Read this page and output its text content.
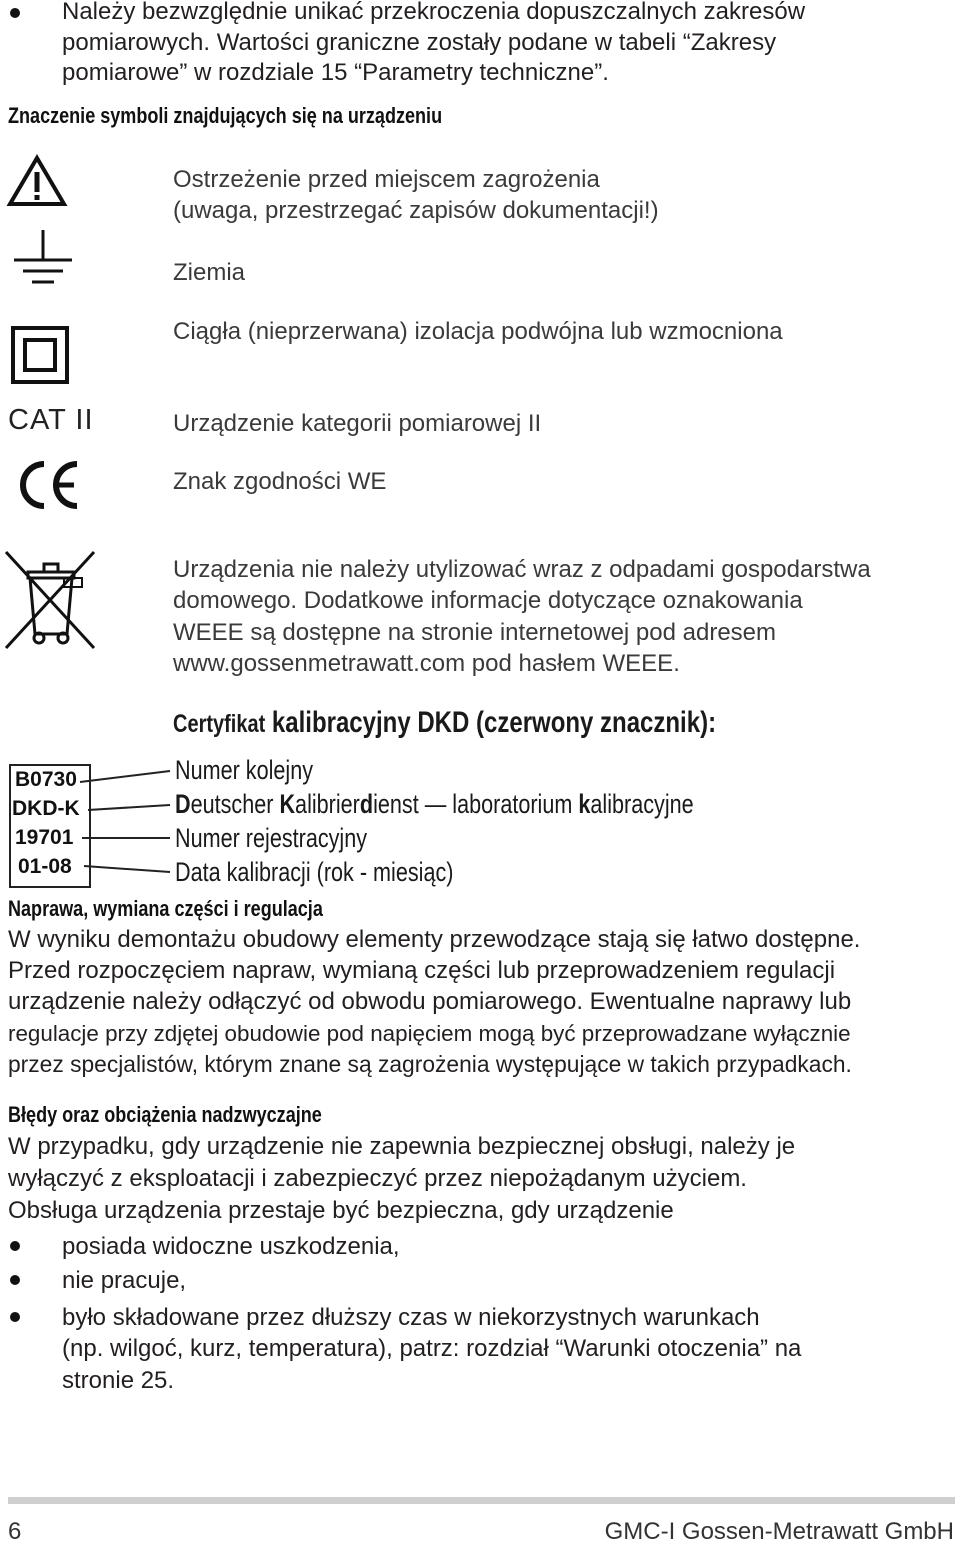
Należy bezwzględnie unikać przekroczenia dopuszczalnych zakresów
pomiarowych. Wartości graniczne zostały podane w tabeli “Zakresy
pomiarowe” w rozdziale 15 “Parametry techniczne”.
Znaczenie symboli znajdujących się na urządzeniu
Ostrzeżenie przed miejscem zagrożenia
(uwaga, przestrzegać zapisów dokumentacji!)
Ziemia
Ciągła (nieprzerwana) izolacja podwójna lub wzmocniona
CAT II	Urządzenie kategorii pomiarowej II
Znak zgodności WE
Urządzenia nie należy utylizować wraz z odpadami gospodarstwa
domowego. Dodatkowe informacje dotyczące oznakowania
WEEE są dostępne na stronie internetowej pod adresem
www.gossenmetrawatt.com pod hasłem WEEE.
Certyfikat kalibracyjny DKD (czerwony znacznik):
B0730
DKD-K
19701
01-08
Numer kolejny
Deutscher Kalibrierdienst — laboratorium kalibracyjne
Numer rejestracyjny
Data kalibracji (rok - miesiąc)
Naprawa, wymiana części i regulacja
W wyniku demontażu obudowy elementy przewodzące stają się łatwo dostępne.
Przed rozpoczęciem napraw, wymianą części lub przeprowadzeniem regulacji
urządzenie należy odłączyć od obwodu pomiarowego. Ewentualne naprawy lub
regulacje przy zdjętej obudowie pod napięciem mogą być przeprowadzane wyłącznie
przez specjalistów, którym znane są zagrożenia występujące w takich przypadkach.
Błędy oraz obciążenia nadzwyczajne
W przypadku, gdy urządzenie nie zapewnia bezpiecznej obsługi, należy je
wyłączyć z eksploatacji i zabezpieczyć przez niepożądanym użyciem.
Obsługa urządzenia przestaje być bezpieczna, gdy urządzenie
posiada widoczne uszkodzenia,
nie pracuje,
było składowane przez dłuższy czas w niekorzystnych warunkach
(np. wilgoć, kurz, temperatura), patrz: rozdział “Warunki otoczenia” na
stronie 25.
6	GMC-I Gossen-Metrawatt GmbH
